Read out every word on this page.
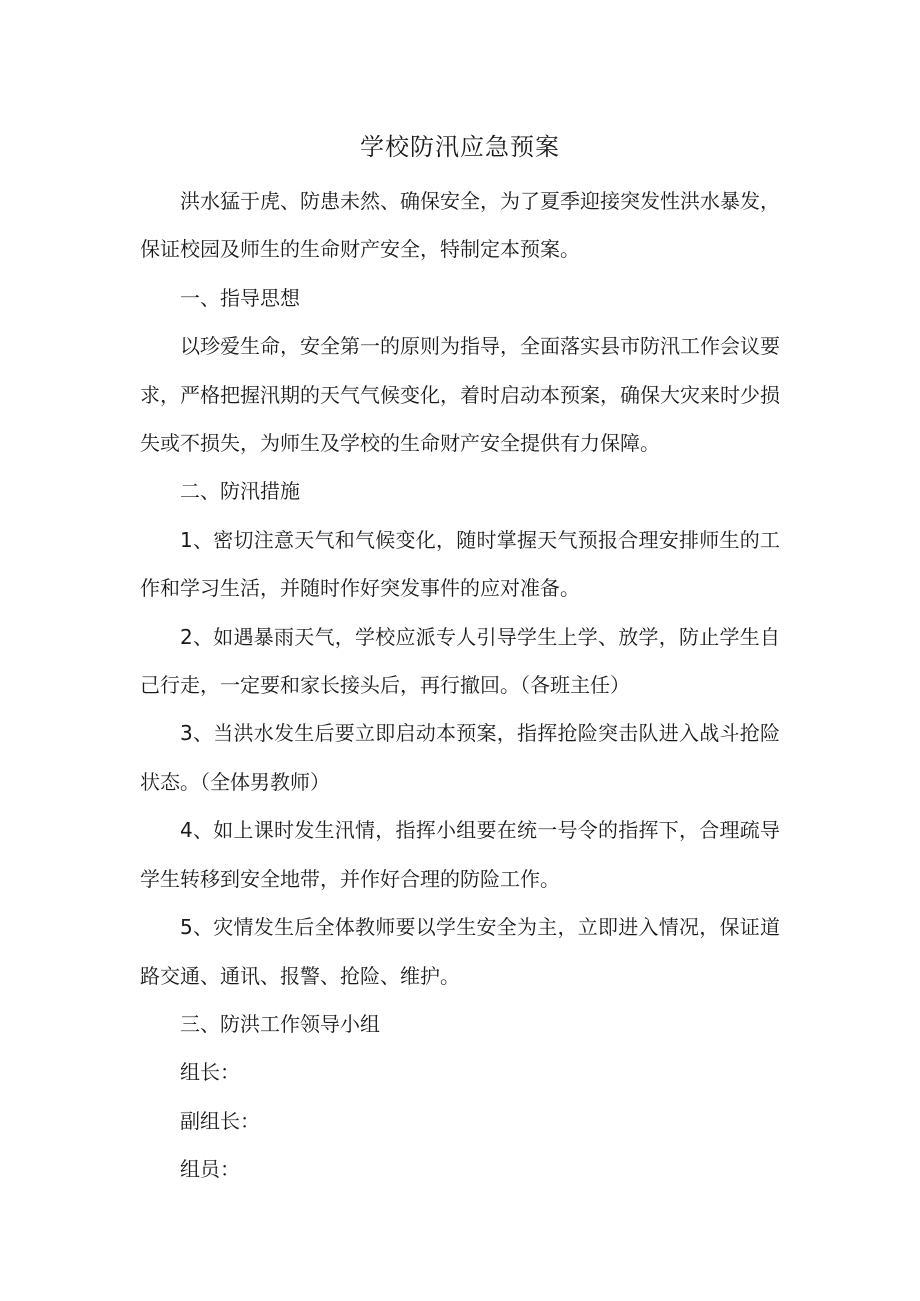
学校防汛应急预案

洪水猛于虎、防患未然、确保安全，为了夏季迎接突发性洪水暴发，保证校园及师生的生命财产安全，特制定本预案。

一、指导思想

以珍爱生命，安全第一的原则为指导，全面落实县市防汛工作会议要求，严格把握汛期的天气气候变化，着时启动本预案，确保大灾来时少损失或不损失，为师生及学校的生命财产安全提供有力保障。

二、防汛措施

1、密切注意天气和气候变化，随时掌握天气预报合理安排师生的工作和学习生活，并随时作好突发事件的应对准备。

2、如遇暴雨天气，学校应派专人引导学生上学、放学，防止学生自己行走，一定要和家长接头后，再行撤回。（各班主任）

3、当洪水发生后要立即启动本预案，指挥抢险突击队进入战斗抢险状态。（全体男教师）

4、如上课时发生汛情，指挥小组要在统一号令的指挥下，合理疏导学生转移到安全地带，并作好合理的防险工作。

5、灾情发生后全体教师要以学生安全为主，立即进入情况，保证道路交通、通讯、报警、抢险、维护。

三、防洪工作领导小组

组长：

副组长：

组员：
